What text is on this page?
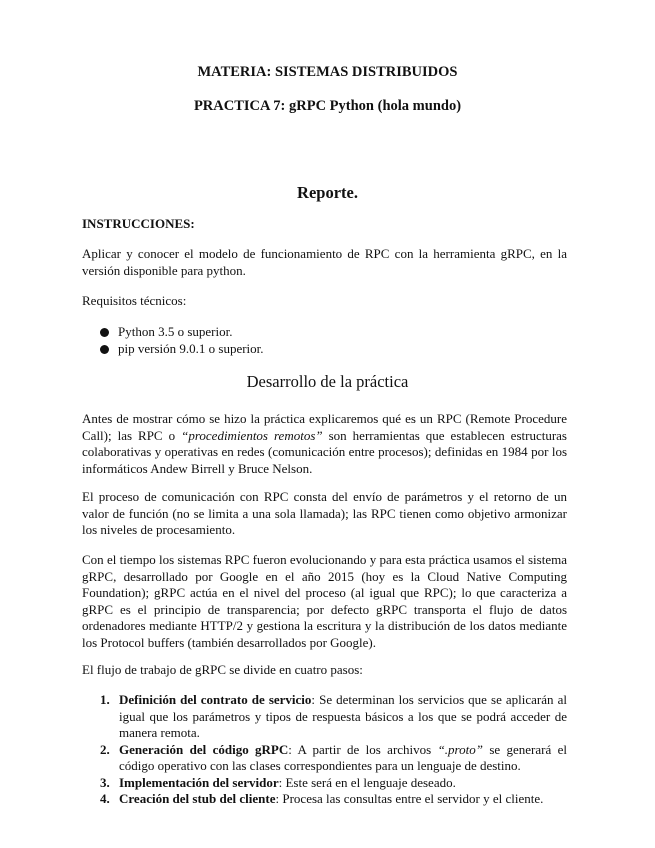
MATERIA: SISTEMAS DISTRIBUIDOS
PRACTICA 7: gRPC Python (hola mundo)
Reporte.
INSTRUCCIONES:
Aplicar y conocer el modelo de funcionamiento de RPC con la herramienta gRPC, en la versión disponible para python.
Requisitos técnicos:
Python 3.5 o superior.
pip versión 9.0.1 o superior.
Desarrollo de la práctica
Antes de mostrar cómo se hizo la práctica explicaremos qué es un RPC (Remote Procedure Call); las RPC o “procedimientos remotos” son herramientas que establecen estructuras colaborativas y operativas en redes (comunicación entre procesos); definidas en 1984 por los informáticos Andew Birrell y Bruce Nelson.
El proceso de comunicación con RPC consta del envío de parámetros y el retorno de un valor de función (no se limita a una sola llamada); las RPC tienen como objetivo armonizar los niveles de procesamiento.
Con el tiempo los sistemas RPC fueron evolucionando y para esta práctica usamos el sistema gRPC, desarrollado por Google en el año 2015 (hoy es la Cloud Native Computing Foundation); gRPC actúa en el nivel del proceso (al igual que RPC); lo que caracteriza a gRPC es el principio de transparencia; por defecto gRPC transporta el flujo de datos ordenadores mediante HTTP/2 y gestiona la escritura y la distribución de los datos mediante los Protocol buffers (también desarrollados por Google).
El flujo de trabajo de gRPC se divide en cuatro pasos:
1. Definición del contrato de servicio: Se determinan los servicios que se aplicarán al igual que los parámetros y tipos de respuesta básicos a los que se podrá acceder de manera remota.
2. Generación del código gRPC: A partir de los archivos “.proto” se generará el código operativo con las clases correspondientes para un lenguaje de destino.
3. Implementación del servidor: Este será en el lenguaje deseado.
4. Creación del stub del cliente: Procesa las consultas entre el servidor y el cliente.
